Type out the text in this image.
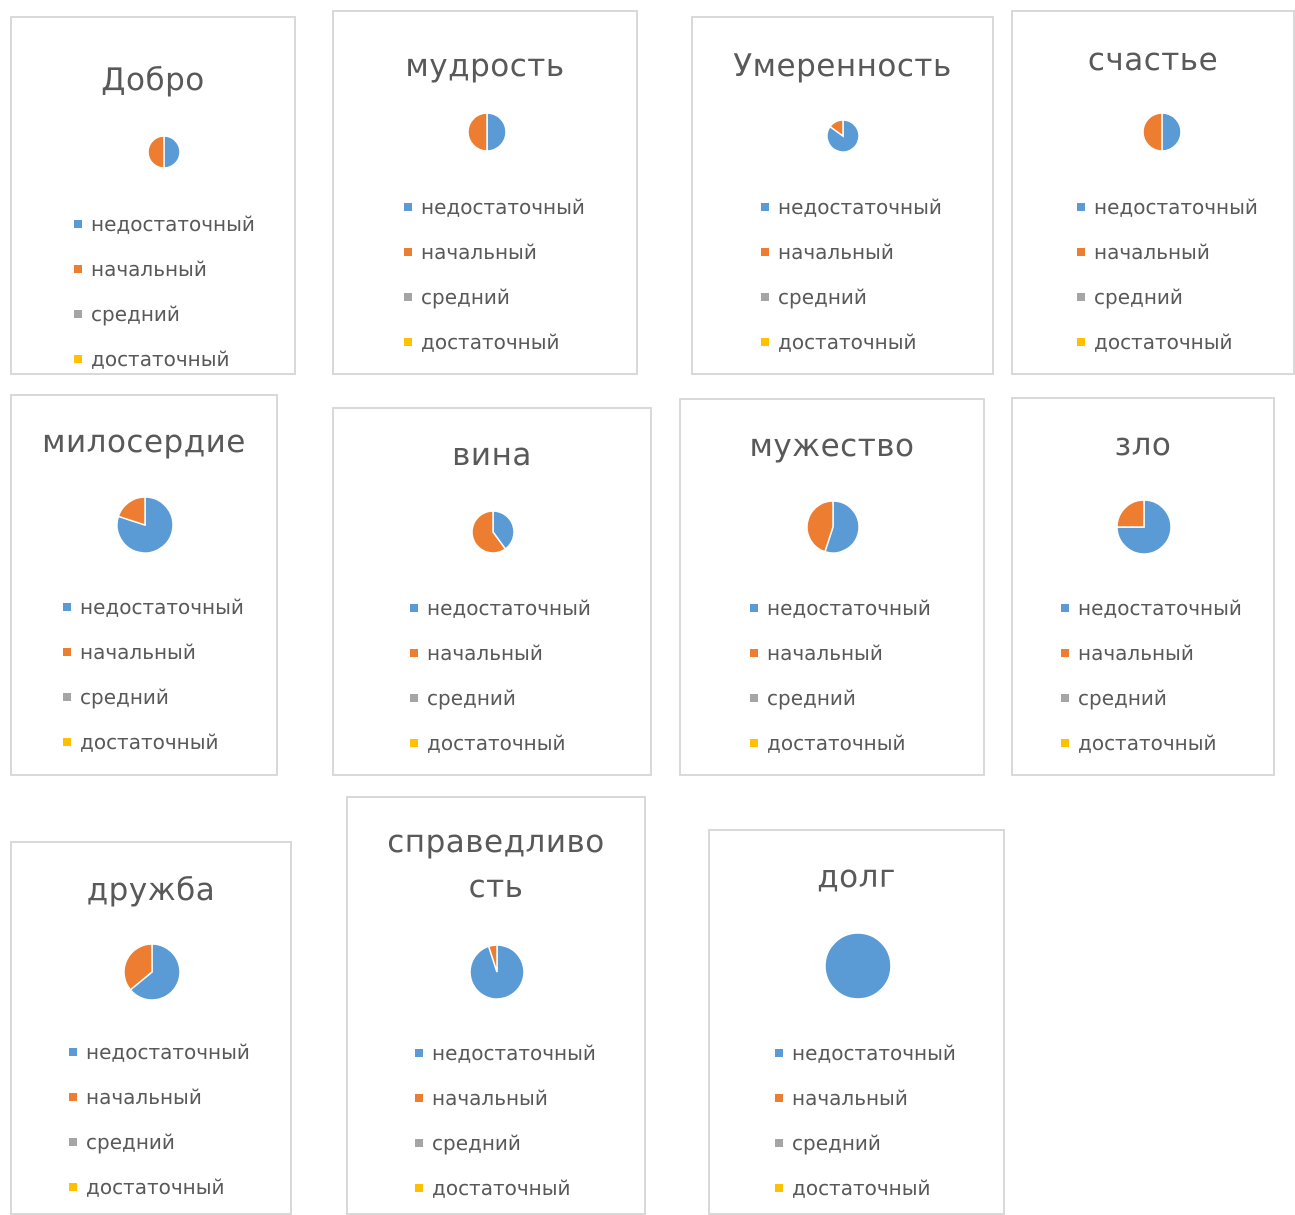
Добро
недостаточный
начальный
средний
достаточный
мудрость
недостаточный
начальный
средний
достаточный
Умеренность
недостаточный
начальный
средний
достаточный
счастье
недостаточный
начальный
средний
достаточный
милосердие
недостаточный
начальный
средний
достаточный
вина
недостаточный
начальный
средний
достаточный
мужество
недостаточный
начальный
средний
достаточный
зло
недостаточный
начальный
средний
достаточный
дружба
недостаточный
начальный
средний
достаточный
справедливо
сть
недостаточный
начальный
средний
достаточный
долг
недостаточный
начальный
средний
достаточный
